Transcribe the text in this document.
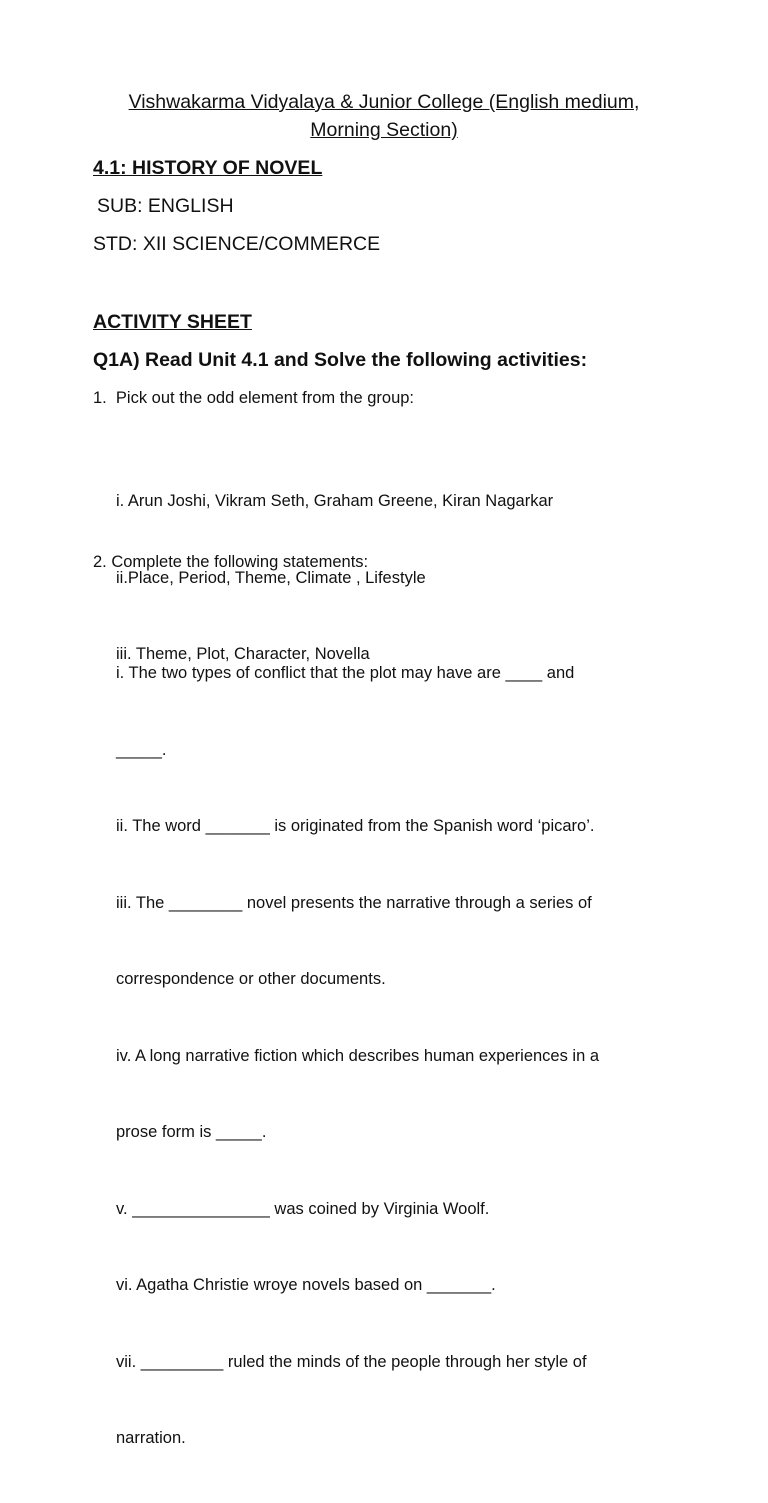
Vishwakarma Vidyalaya & Junior College (English medium,
Morning Section)
4.1: HISTORY OF NOVEL
SUB: ENGLISH
STD: XII SCIENCE/COMMERCE
ACTIVITY SHEET
Q1A) Read Unit 4.1 and Solve the following activities:
1.  Pick out the odd element from the group:

i. Arun Joshi, Vikram Seth, Graham Greene, Kiran Nagarkar

ii.Place, Period, Theme, Climate , Lifestyle

iii. Theme, Plot, Character, Novella

2. Complete the following statements:

i. The two types of conflict that the plot may have are ____ and

_____.

ii. The word _______ is originated from the Spanish word ‘picaro’.

iii. The ________ novel presents the narrative through a series of

correspondence or other documents.

iv. A long narrative fiction which describes human experiences in a

prose form is _____.

v. _______________ was coined by Virginia Woolf.

vi. Agatha Christie wroye novels based on _______.

vii. _________ ruled the minds of the people through her style of

narration.
